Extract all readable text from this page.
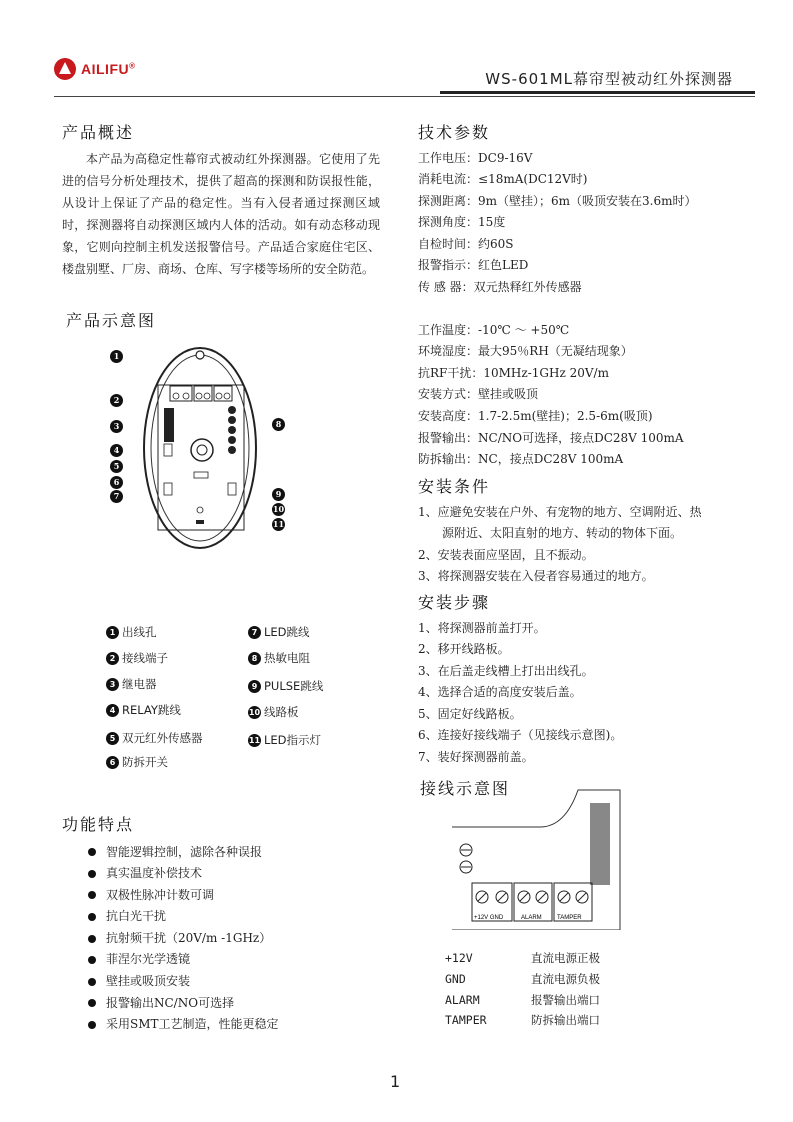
AILIFU®
WS-601ML幕帘型被动红外探测器
产品概述

本产品为高稳定性幕帘式被动红外探测器。它使用了先进的信号分析处理技术，提供了超高的探测和防误报性能，从设计上保证了产品的稳定性。当有入侵者通过探测区域时，探测器将自动探测区域内人体的活动。如有动态移动现象，它则向控制主机发送报警信号。产品适合家庭住宅区、楼盘别墅、厂房、商场、仓库、写字楼等场所的安全防范。

产品示意图
1
2
3
4
5
6
7
8
9
10
11
1 出线孔
2 接线端子
3 继电器
4 RELAY跳线
5 双元红外传感器
6 防拆开关
7 LED跳线
8 热敏电阻
9 PULSE跳线
10 线路板
11 LED指示灯
功能特点
智能逻辑控制，滤除各种误报
真实温度补偿技术
双极性脉冲计数可调
抗白光干扰
抗射频干扰（20V/m -1GHz）
菲涅尔光学透镜
壁挂或吸顶安装
报警输出NC/NO可选择
采用SMT工艺制造，性能更稳定
技术参数
工作电压：DC9-16V
消耗电流：≤18mA(DC12V时)
探测距离：9m（壁挂）；6m（吸顶安装在3.6m时）
探测角度：15度
自检时间：约60S
报警指示：红色LED
传 感 器：双元热释红外传感器
工作温度：-10℃ ～ +50℃
环境湿度：最大95％RH（无凝结现象）
抗RF干扰：10MHz-1GHz 20V/m
安装方式：壁挂或吸顶
安装高度：1.7-2.5m(壁挂)；2.5-6m(吸顶)
报警输出：NC/NO可选择，接点DC28V 100mA
防拆输出：NC，接点DC28V 100mA
安装条件

1、应避免安装在户外、有宠物的地方、空调附近、热

源附近、太阳直射的地方、转动的物体下面。

2、安装表面应坚固，且不振动。

3、将探测器安装在入侵者容易通过的地方。

安装步骤

1、将探测器前盖打开。

2、移开线路板。

3、在后盖走线槽上打出出线孔。

4、选择合适的高度安装后盖。

5、固定好线路板。

6、连接好接线端子（见接线示意图)。

7、装好探测器前盖。

接线示意图
+12V GND	ALARM	TAMPER
+12V	直流电源正极
GND	直流电源负极
ALARM	报警输出端口
TAMPER	防拆输出端口
1
